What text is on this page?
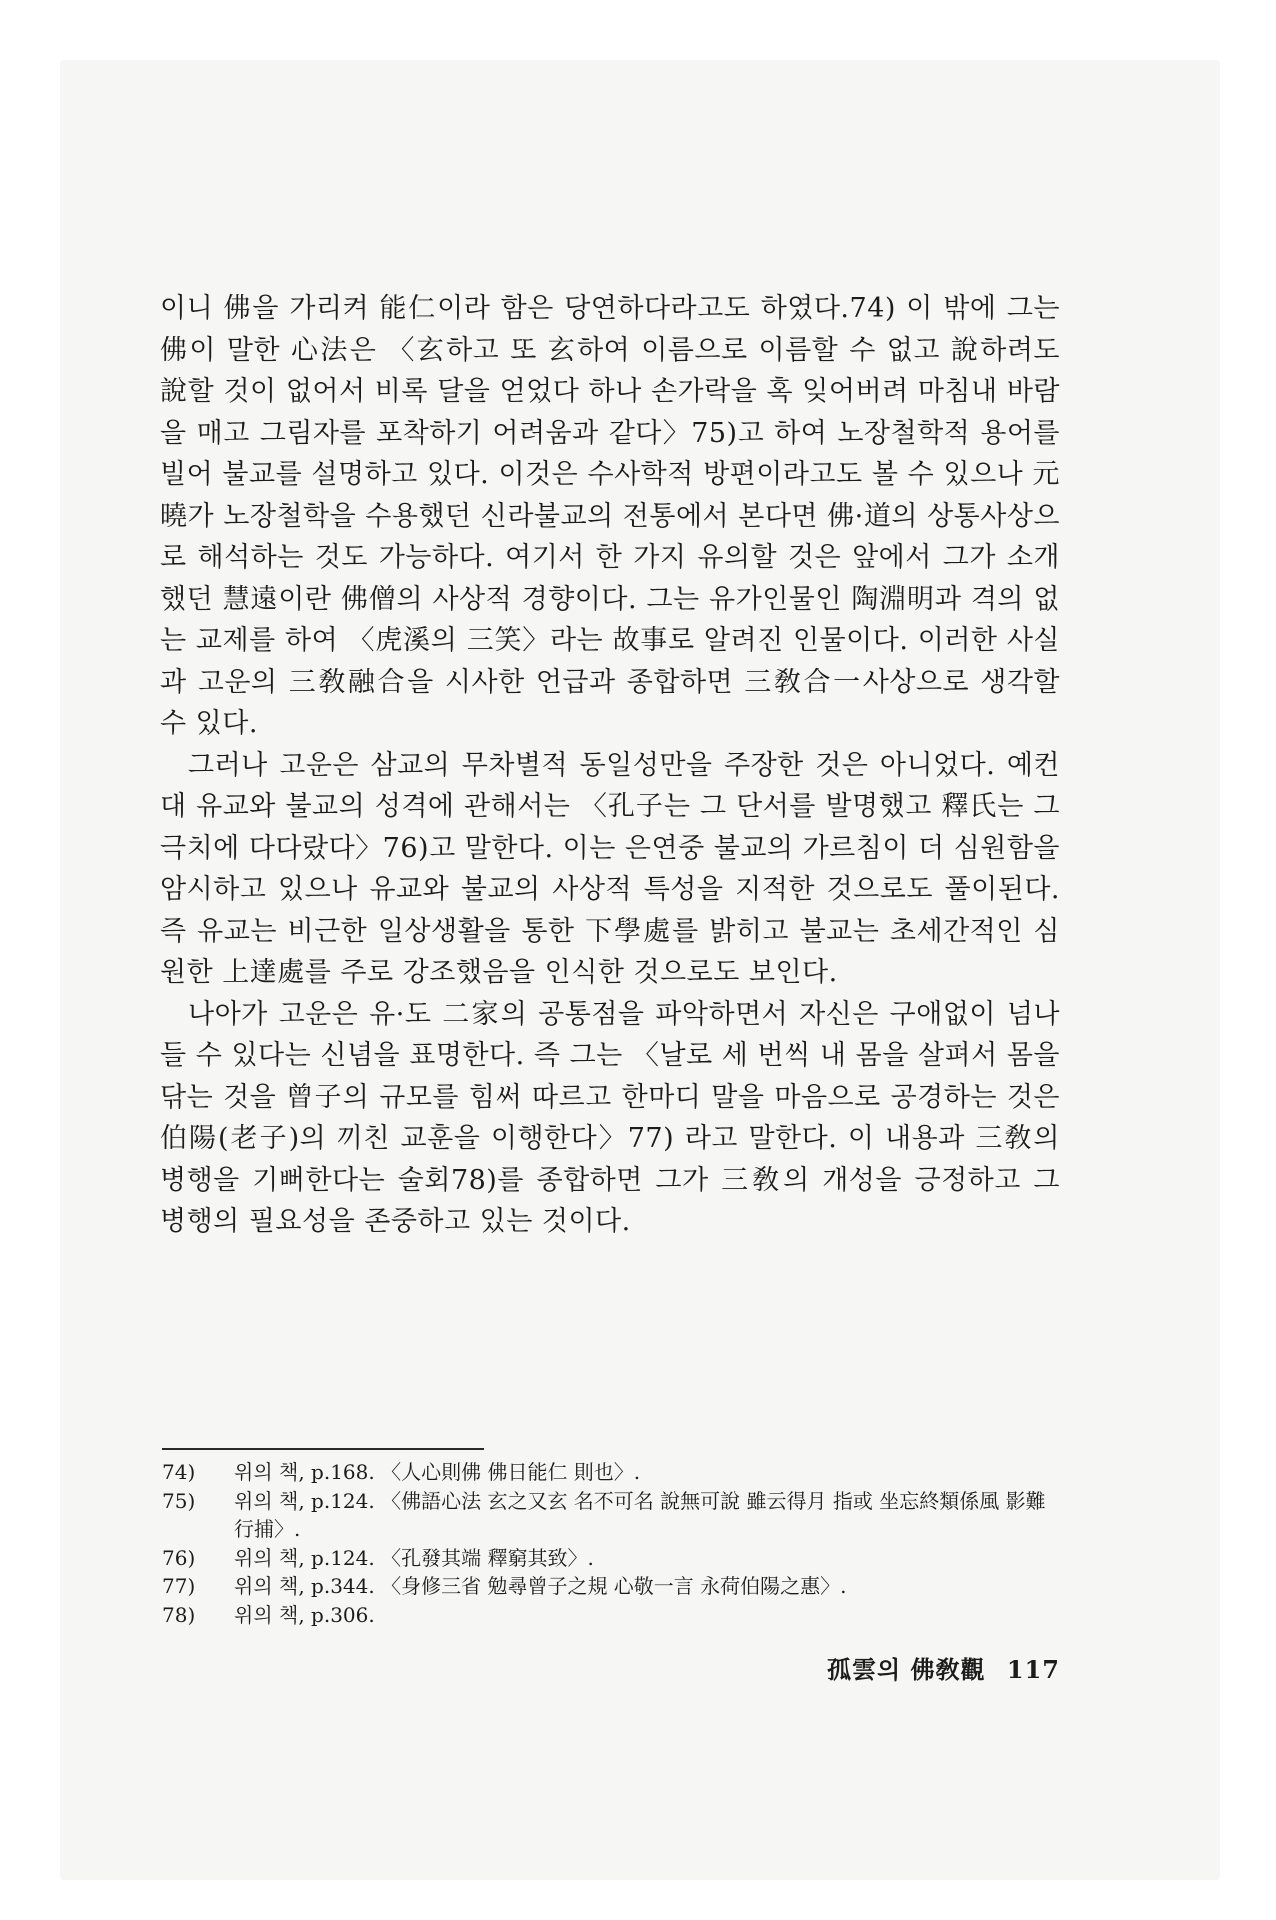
이니 佛을 가리켜 能仁이라 함은 당연하다라고도 하였다.74) 이 밖에 그는 佛이 말한 心法은 〈玄하고 또 玄하여 이름으로 이름할 수 없고 說하려도 說할 것이 없어서 비록 달을 얻었다 하나 손가락을 혹 잊어버려 마침내 바람을 매고 그림자를 포착하기 어려움과 같다〉75)고 하여 노장철학적 용어를 빌어 불교를 설명하고 있다. 이것은 수사학적 방편이라고도 볼 수 있으나 元曉가 노장철학을 수용했던 신라불교의 전통에서 본다면 佛·道의 상통사상으로 해석하는 것도 가능하다. 여기서 한 가지 유의할 것은 앞에서 그가 소개했던 慧遠이란 佛僧의 사상적 경향이다. 그는 유가인물인 陶淵明과 격의 없는 교제를 하여 〈虎溪의 三笑〉라는 故事로 알려진 인물이다. 이러한 사실과 고운의 三敎融合을 시사한 언급과 종합하면 三敎合一사상으로 생각할 수 있다.

그러나 고운은 삼교의 무차별적 동일성만을 주장한 것은 아니었다. 예컨대 유교와 불교의 성격에 관해서는 〈孔子는 그 단서를 발명했고 釋氏는 그 극치에 다다랐다〉76)고 말한다. 이는 은연중 불교의 가르침이 더 심원함을 암시하고 있으나 유교와 불교의 사상적 특성을 지적한 것으로도 풀이된다. 즉 유교는 비근한 일상생활을 통한 下學處를 밝히고 불교는 초세간적인 심원한 上達處를 주로 강조했음을 인식한 것으로도 보인다.

나아가 고운은 유·도 二家의 공통점을 파악하면서 자신은 구애없이 넘나들 수 있다는 신념을 표명한다. 즉 그는 〈날로 세 번씩 내 몸을 살펴서 몸을 닦는 것을 曾子의 규모를 힘써 따르고 한마디 말을 마음으로 공경하는 것은 伯陽(老子)의 끼친 교훈을 이행한다〉77) 라고 말한다. 이 내용과 三敎의 병행을 기뻐한다는 술회78)를 종합하면 그가 三敎의 개성을 긍정하고 그 병행의 필요성을 존중하고 있는 것이다.

74)	위의 책, p.168. 〈人心則佛 佛日能仁 則也〉.
75)	위의 책, p.124. 〈佛語心法 玄之又玄 名不可名 說無可說 雖云得月 指或 坐忘終類係風 影難行捕〉.
76)	위의 책, p.124. 〈孔發其端 釋窮其致〉.
77)	위의 책, p.344. 〈身修三省 勉尋曾子之規 心敬一言 永荷伯陽之惠〉.
78)	위의 책, p.306.
孤雲의 佛敎觀 117
